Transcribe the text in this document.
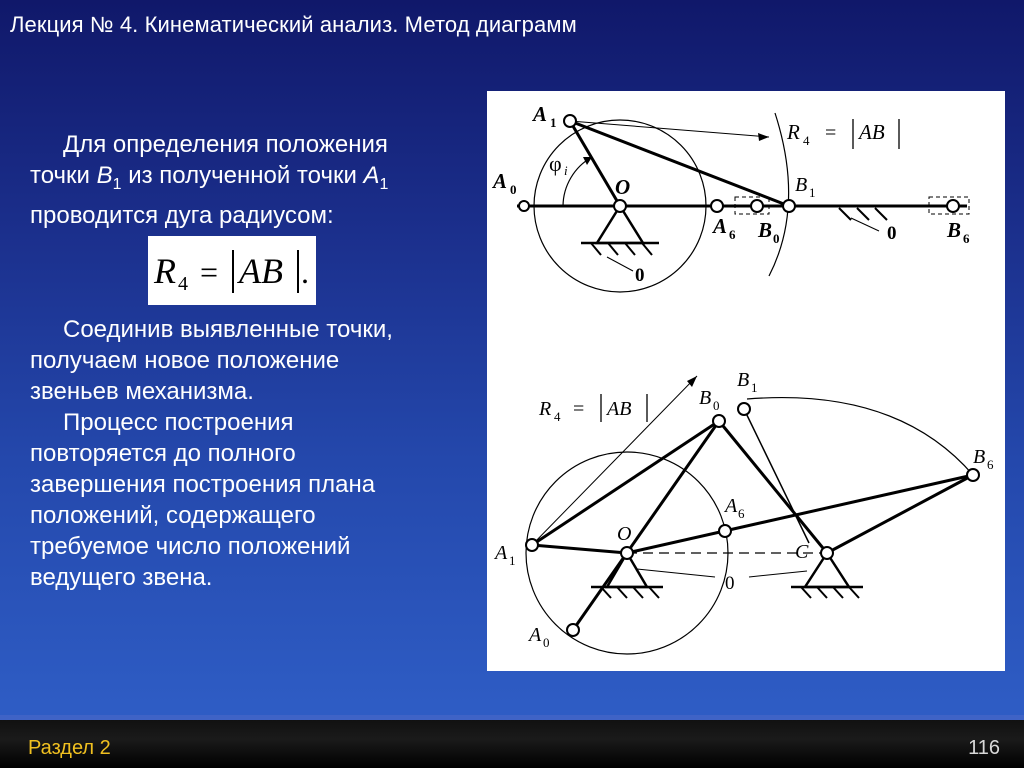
Лекция № 4. Кинематический анализ. Метод диаграмм
Для определения положения
точки $B_1$ из полученной точки $A_1$
проводится дуга радиусом:
R 4 = AB .
Соединив выявленные точки,
получаем новое положение
звеньев механизма.
Процесс построения
повторяется до полного
завершения построения плана
положений, содержащего
требуемое число положений
ведущего звена.
A 1
A 0	O
φ i
A 6
B 1
B 0	B 6
0
0
R 4 = AB
R 4 = AB	B 0
B 1
B 6
A 6
O
C
A 1
A 0
0
Раздел 2	116
